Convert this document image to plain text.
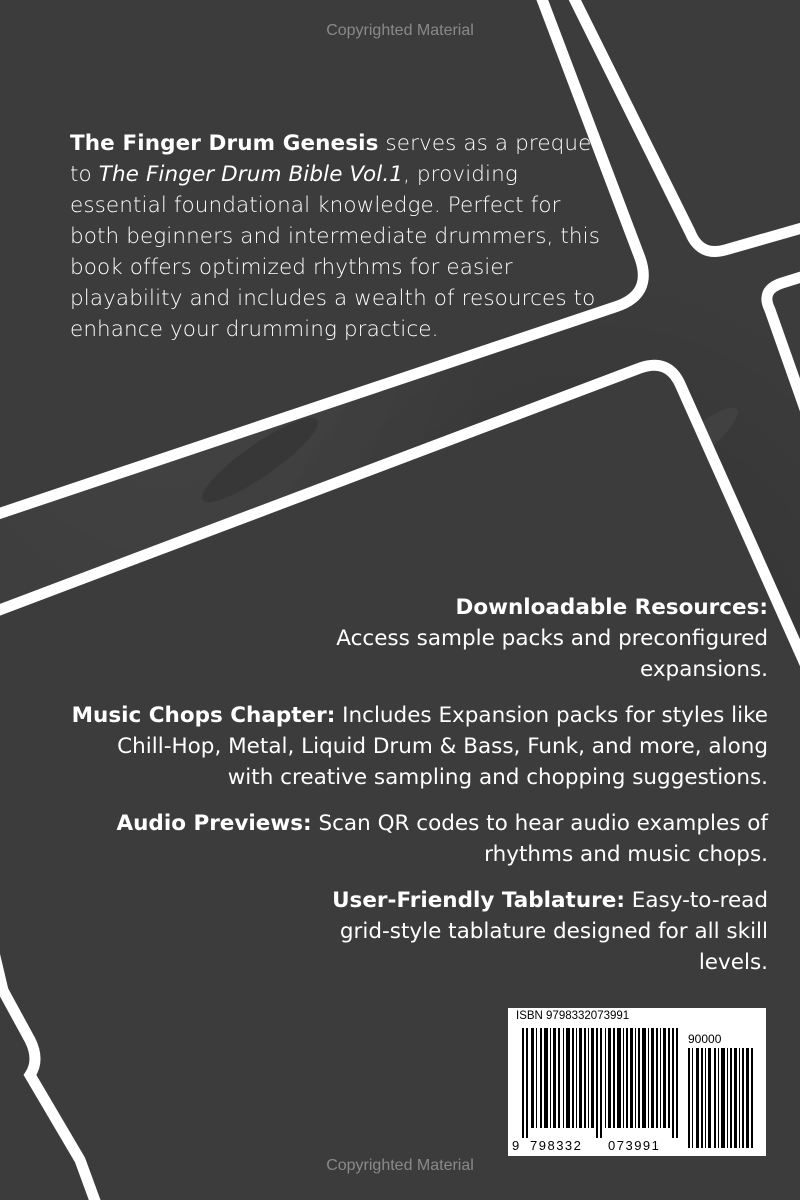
Copyrighted Material
The Finger Drum Genesis serves as a prequel to The Finger Drum Bible Vol.1, providing essential foundational knowledge. Perfect for both beginners and intermediate drummers, this book offers optimized rhythms for easier playability and includes a wealth of resources to enhance your drumming practice.

Downloadable Resources:
Access sample packs and preconfigured expansions.

Music Chops Chapter: Includes Expansion packs for styles like Chill-Hop, Metal, Liquid Drum & Bass, Funk, and more, along with creative sampling and chopping suggestions.

Audio Previews: Scan QR codes to hear audio examples of rhythms and music chops.

User-Friendly Tablature: Easy-to-read grid-style tablature designed for all skill levels.

ISBN 9798332073991
90000
9 798332 073991
Copyrighted Material
